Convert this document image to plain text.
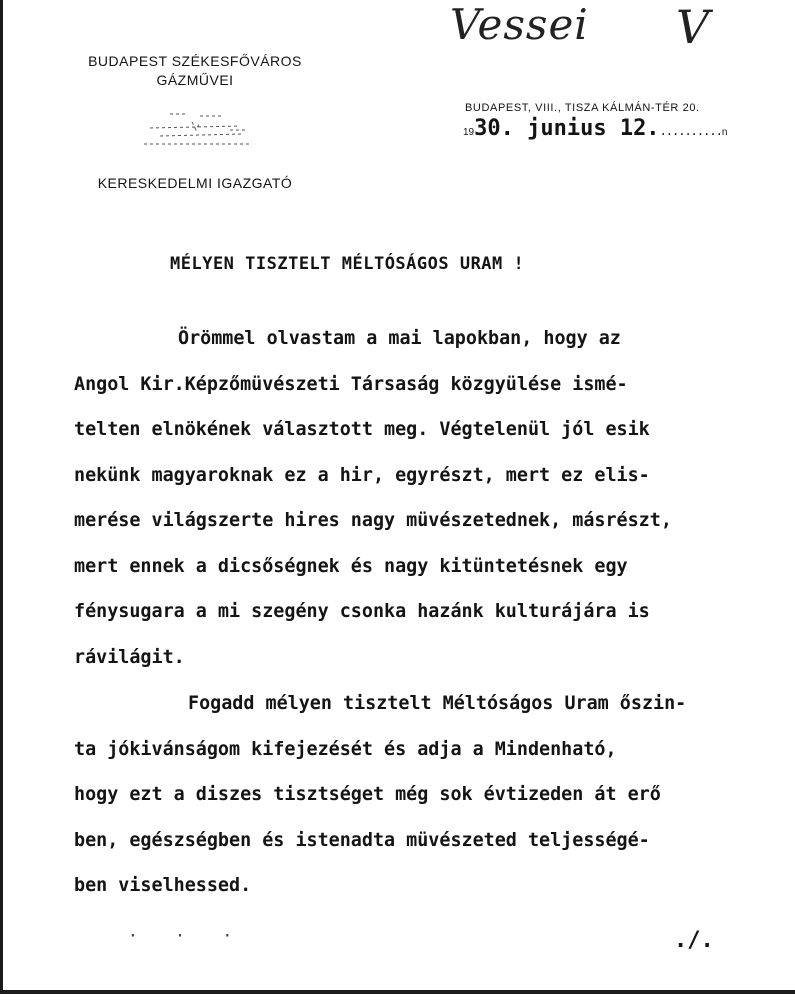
BUDAPEST SZÉKESFŐVÁROS
GÁZMŰVEI
KERESKEDELMI IGAZGATÓ
Vessei V
BUDAPEST, VIII., TISZA KÁLMÁN-TÉR 20.
1930. junius 12...........n
MÉLYEN TISZTELT MÉLTÓSÁGOS URAM !

Örömmel olvastam a mai lapokban, hogy az
Angol Kir.Képzőmüvészeti Társaság közgyülése ismé-
telten elnökének választott meg. Végtelenül jól esik
nekünk magyaroknak ez a hir, egyrészt, mert ez elis-
merése világszerte hires nagy müvészetednek, másrészt,
mert ennek a dicsőségnek és nagy kitüntetésnek egy
fénysugara a mi szegény csonka hazánk kulturájára is
rávilágit.

Fogadd mélyen tisztelt Méltóságos Uram őszin-
ta jókivánságom kifejezését és adja a Mindenható,
hogy ezt a diszes tisztséget még sok évtizeden át erő
ben, egészségben és istenadta müvészeted teljességé-
ben viselhessed.

· · ·	./.
